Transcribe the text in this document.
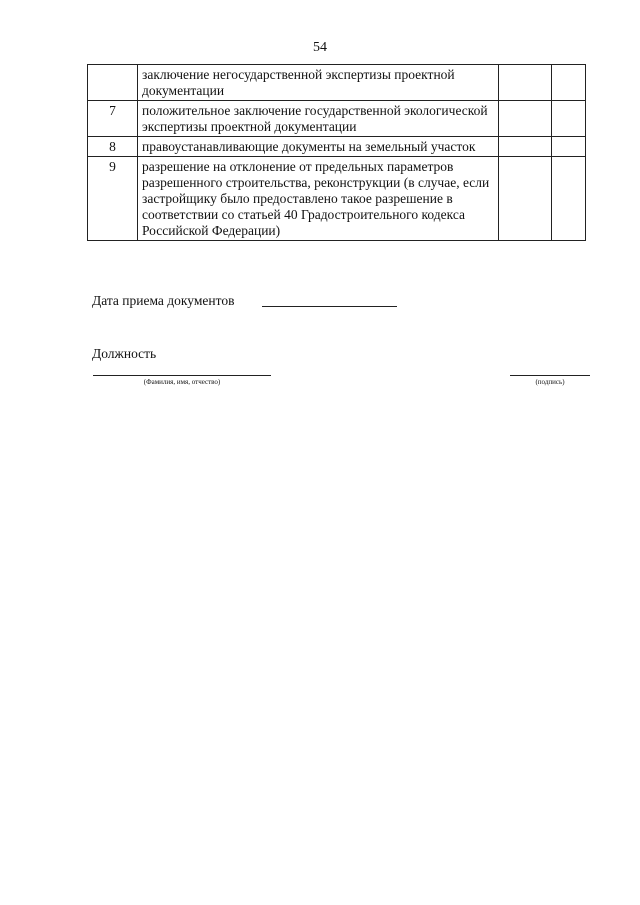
54
	заключение негосударственной экспертизы проектной документации		
7	положительное заключение государственной экологической экспертизы проектной документации		
8	правоустанавливающие документы на земельный участок		
9	разрешение на отклонение от предельных параметров разрешенного строительства, реконструкции (в случае, если застройщику было предоставлено такое разрешение в соответствии со статьей 40 Градостроительного кодекса Российской Федерации)		
Дата приема документов
Должность
(Фамилия, имя, отчество)	(подпись)
